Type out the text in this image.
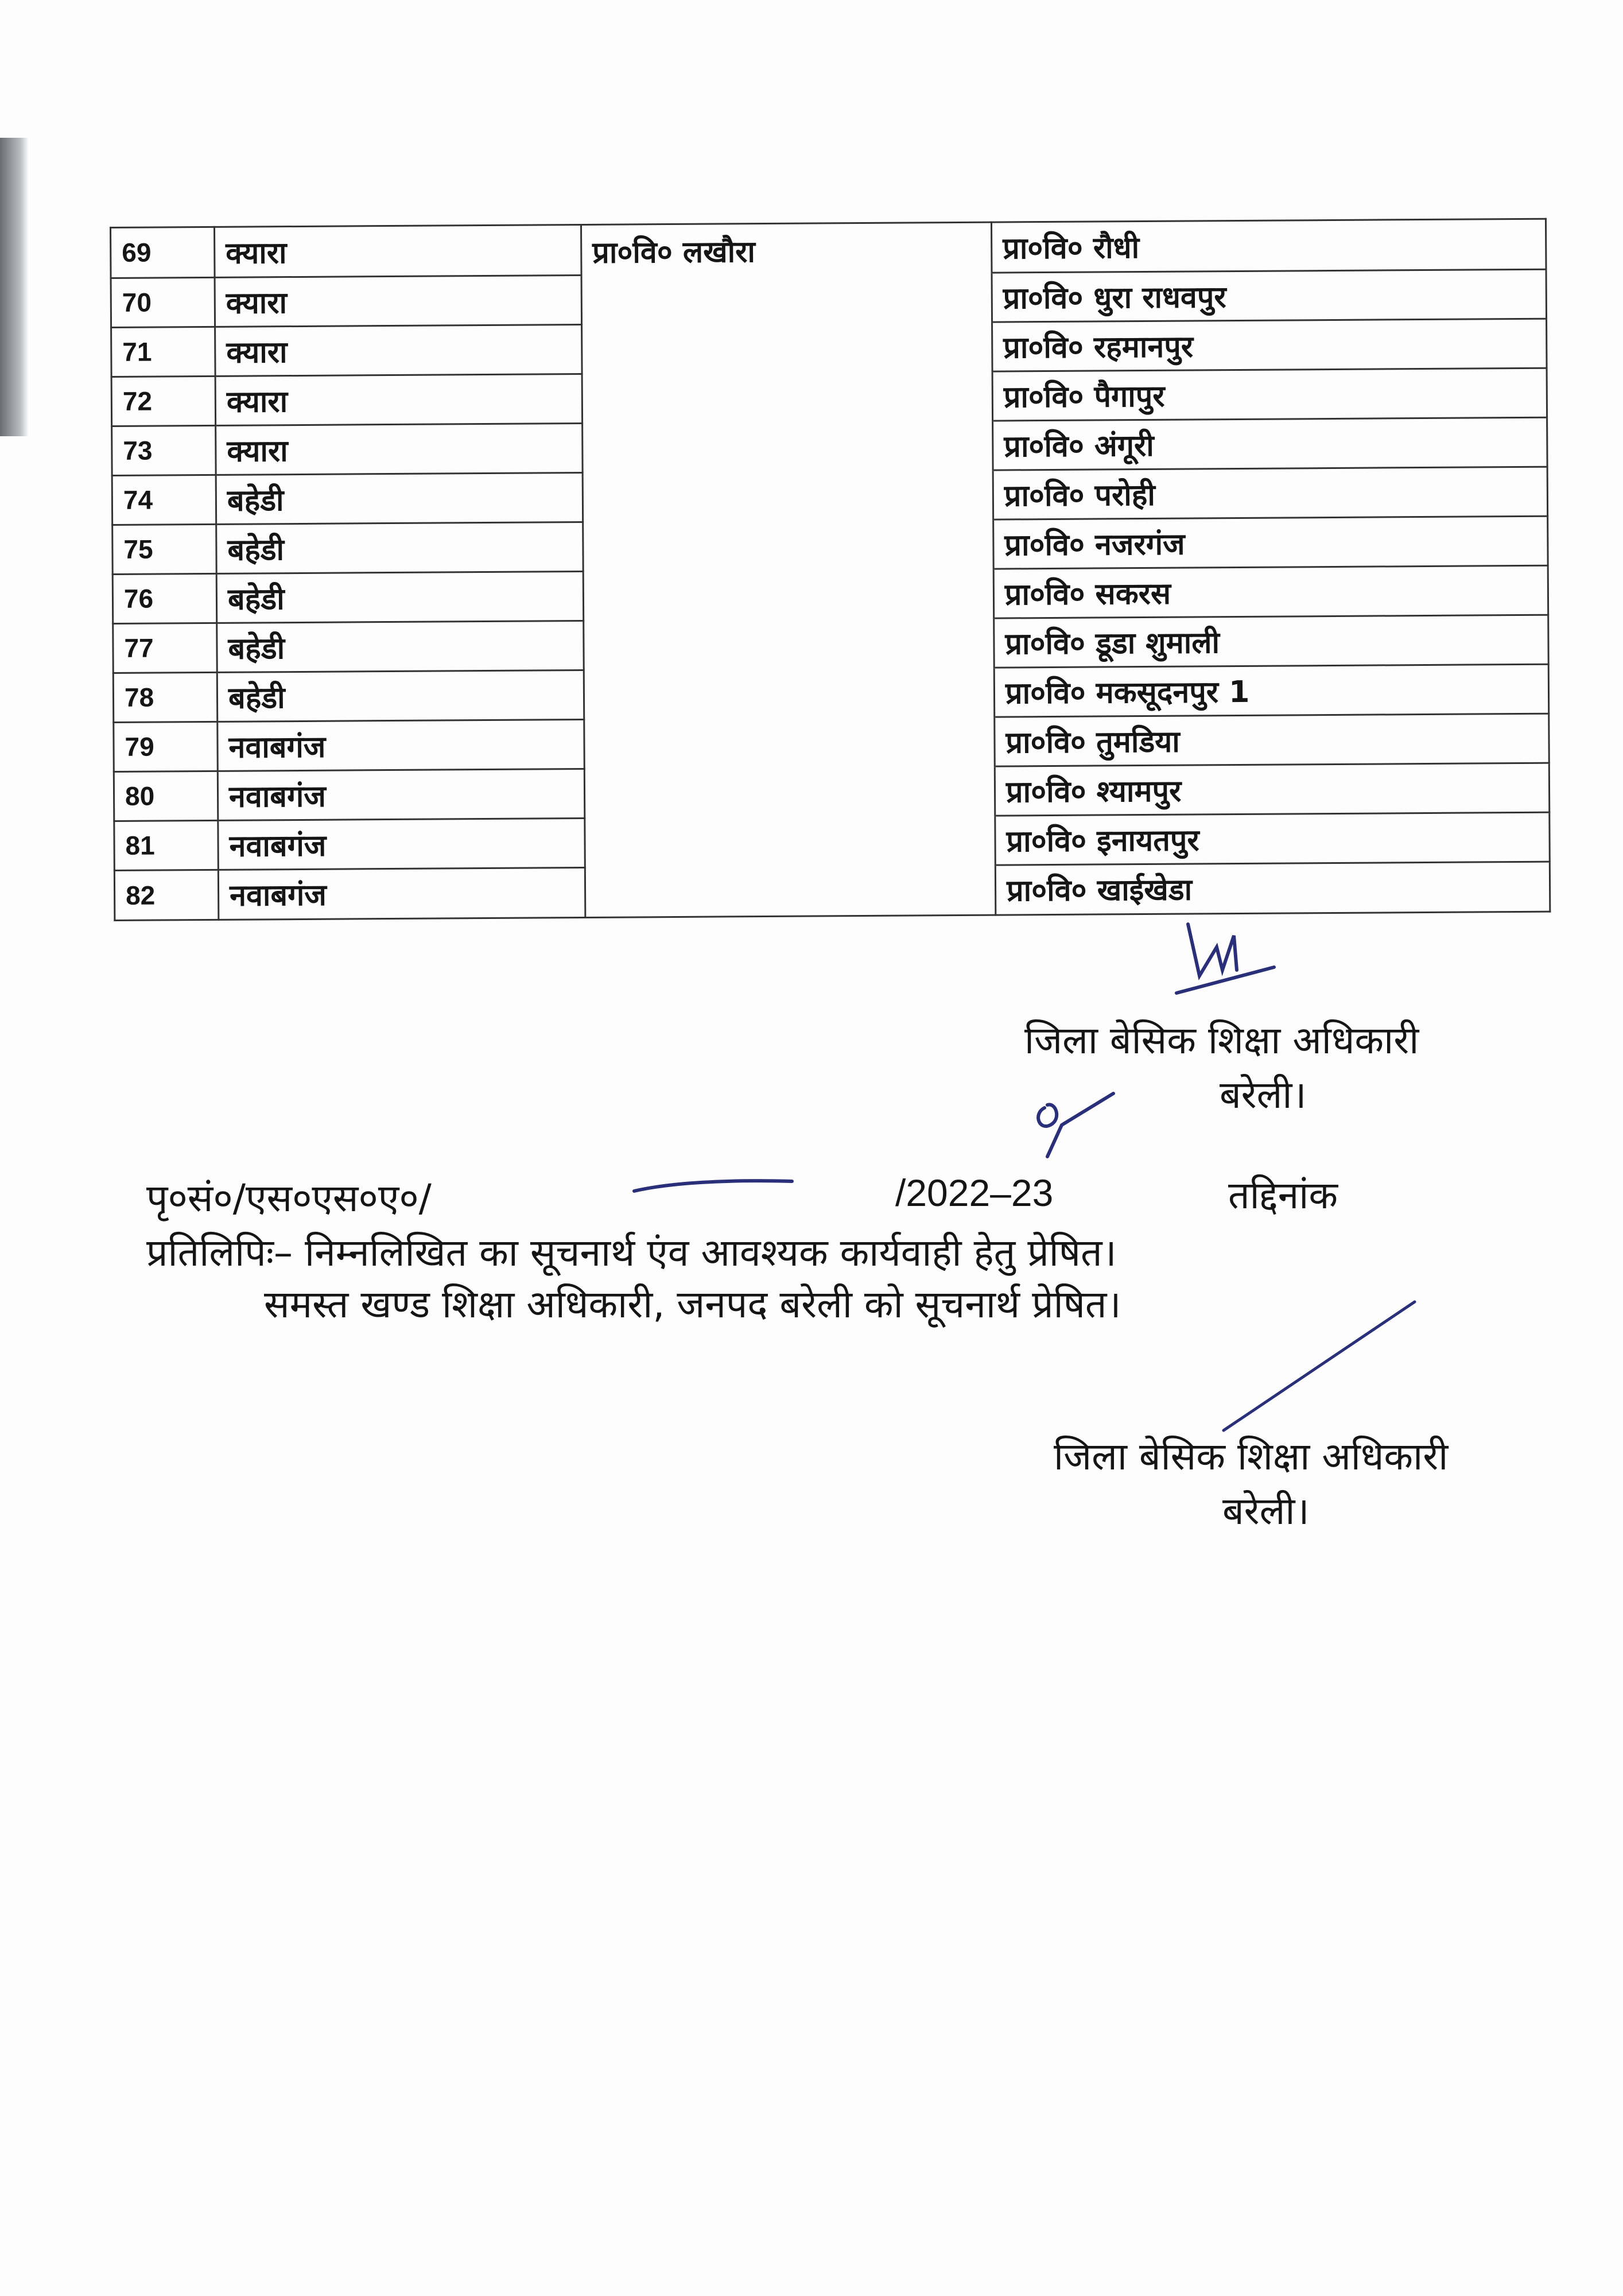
69	क्यारा	प्रा०वि० लखौरा	प्रा०वि० रौधी
70	क्यारा		प्रा०वि० धुरा राधवपुर
71	क्यारा		प्रा०वि० रहमानपुर
72	क्यारा		प्रा०वि० पैगापुर
73	क्यारा		प्रा०वि० अंगूरी
74	बहेडी		प्रा०वि० परोही
75	बहेडी		प्रा०वि० नजरगंज
76	बहेडी		प्रा०वि० सकरस
77	बहेडी		प्रा०वि० डूडा शुमाली
78	बहेडी		प्रा०वि० मकसूदनपुर 1
79	नवाबगंज		प्रा०वि० तुमडिया
80	नवाबगंज		प्रा०वि० श्यामपुर
81	नवाबगंज		प्रा०वि० इनायतपुर
82	नवाबगंज		प्रा०वि० खाईखेडा
जिला बेसिक शिक्षा अधिकारी
बरेली।
पृ०सं०/एस०एस०ए०/	/2022–23	तद्दिनांक
प्रतिलिपिः– निम्नलिखित का सूचनार्थ एंव आवश्यक कार्यवाही हेतु प्रेषित।
समस्त खण्ड शिक्षा अधिकारी, जनपद बरेली को सूचनार्थ प्रेषित।
जिला बेसिक शिक्षा अधिकारी
बरेली।
